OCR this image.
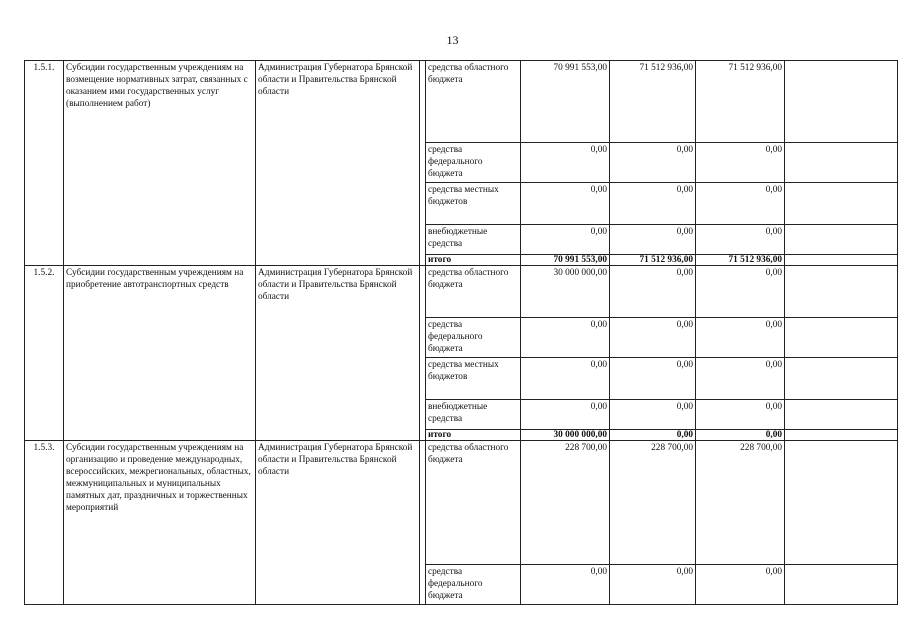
13
1.5.1.	Субсидии государственным учреждениям на возмещение нормативных затрат, связанных с оказанием ими государственных услуг (выполнением работ)	Администрация Губернатора Брянской области и Правительства Брянской области		средства областного бюджета	70 991 553,00	71 512 936,00	71 512 936,00	
				средства федерального бюджета	0,00	0,00	0,00	
				средства местных бюджетов	0,00	0,00	0,00	
				внебюджетные средства	0,00	0,00	0,00	
				итого	70 991 553,00	71 512 936,00	71 512 936,00	
1.5.2.	Субсидии государственным учреждениям на приобретение автотранспортных средств	Администрация Губернатора Брянской области и Правительства Брянской области		средства областного бюджета	30 000 000,00	0,00	0,00	
				средства федерального бюджета	0,00	0,00	0,00	
				средства местных бюджетов	0,00	0,00	0,00	
				внебюджетные средства	0,00	0,00	0,00	
				итого	30 000 000,00	0,00	0,00	
1.5.3.	Субсидии государственным учреждениям на организацию и проведение международных, всероссийских, межрегиональных, областных, межмуниципальных и муниципальных памятных дат, праздничных и торжественных мероприятий	Администрация Губернатора Брянской области и Правительства Брянской области		средства областного бюджета	228 700,00	228 700,00	228 700,00	
				средства федерального бюджета	0,00	0,00	0,00	
